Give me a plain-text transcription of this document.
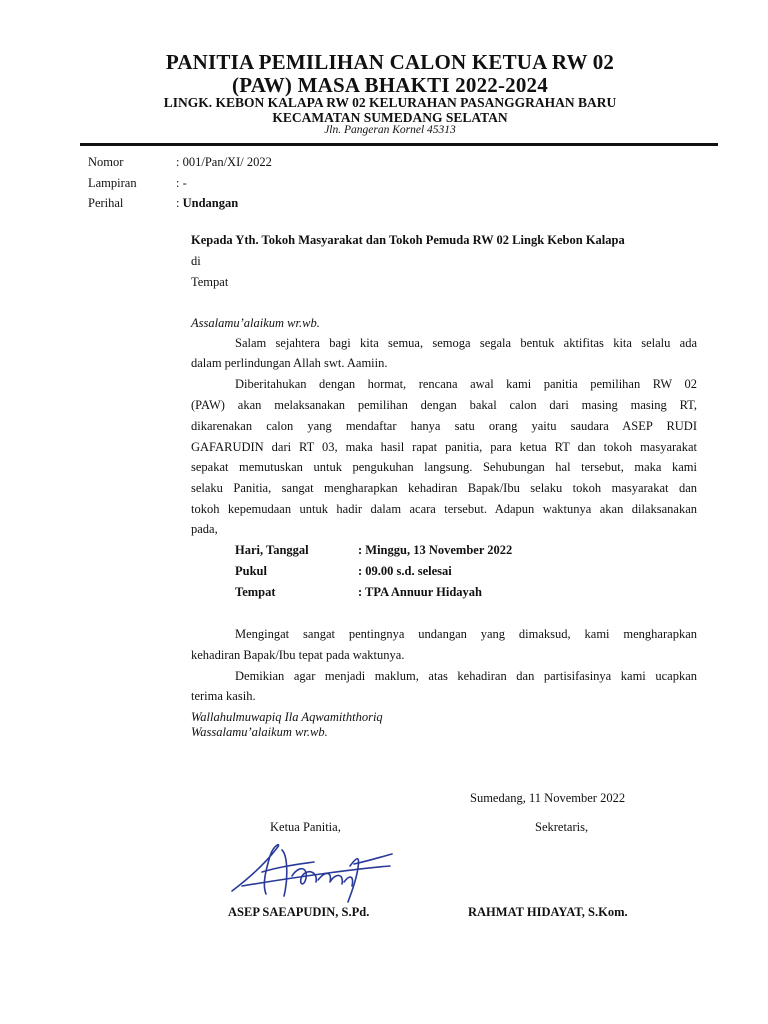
PANITIA PEMILIHAN CALON KETUA RW 02
(PAW) MASA BHAKTI 2022-2024
LINGK. KEBON KALAPA RW 02 KELURAHAN PASANGGRAHAN BARU
KECAMATAN SUMEDANG SELATAN
Jln. Pangeran Kornel 45313
Nomor	: 001/Pan/XI/ 2022
Lampiran	: -
Perihal	: Undangan
Kepada Yth. Tokoh Masyarakat dan Tokoh Pemuda RW 02 Lingk Kebon Kalapa
di
Tempat
Assalamu’alaikum wr.wb.
Salam sejahtera bagi kita semua, semoga segala bentuk aktifitas kita selalu ada
dalam perlindungan Allah swt. Aamiin.
Diberitahukan dengan hormat, rencana awal kami panitia pemilihan RW 02
(PAW) akan melaksanakan pemilihan dengan bakal calon dari masing masing RT,
dikarenakan calon yang mendaftar hanya satu orang yaitu saudara ASEP RUDI
GAFARUDIN dari RT 03, maka hasil rapat panitia, para ketua RT dan tokoh masyarakat
sepakat memutuskan untuk pengukuhan langsung. Sehubungan hal tersebut, maka kami
selaku Panitia, sangat mengharapkan kehadiran Bapak/Ibu selaku tokoh masyarakat dan
tokoh kepemudaan untuk hadir dalam acara tersebut. Adapun waktunya akan dilaksanakan
pada,
Hari, Tanggal	: Minggu, 13 November 2022
Pukul	: 09.00 s.d. selesai
Tempat	: TPA Annuur Hidayah
Mengingat sangat pentingnya undangan yang dimaksud, kami mengharapkan
kehadiran Bapak/Ibu tepat pada waktunya.
Demikian agar menjadi maklum, atas kehadiran dan partisifasinya kami ucapkan
terima kasih.
Wallahulmuwapiq Ila Aqwamiththoriq
Wassalamu’alaikum wr.wb.
Sumedang, 11 November 2022
Ketua Panitia,	Sekretaris,
ASEP SAEAPUDIN, S.Pd.	RAHMAT HIDAYAT, S.Kom.
